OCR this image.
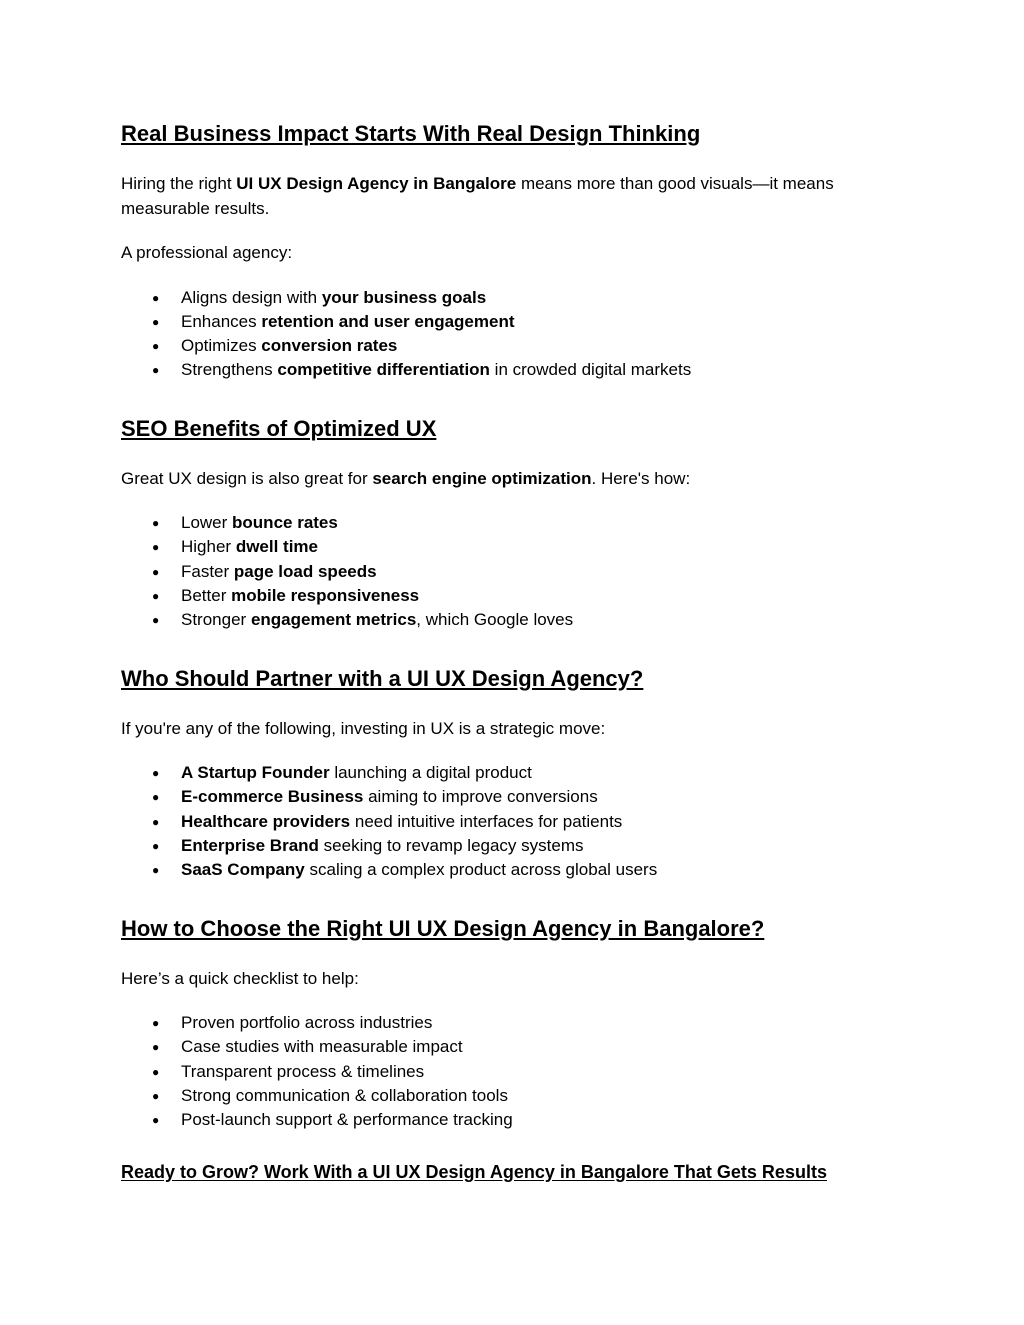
Real Business Impact Starts With Real Design Thinking

Hiring the right UI UX Design Agency in Bangalore means more than good visuals—it means measurable results.

A professional agency:

● Aligns design with your business goals
● Enhances retention and user engagement
● Optimizes conversion rates
● Strengthens competitive differentiation in crowded digital markets
SEO Benefits of Optimized UX

Great UX design is also great for search engine optimization. Here's how:

● Lower bounce rates
● Higher dwell time
● Faster page load speeds
● Better mobile responsiveness
● Stronger engagement metrics, which Google loves
Who Should Partner with a UI UX Design Agency?

If you're any of the following, investing in UX is a strategic move:

● A Startup Founder launching a digital product
● E-commerce Business aiming to improve conversions
● Healthcare providers need intuitive interfaces for patients
● Enterprise Brand seeking to revamp legacy systems
● SaaS Company scaling a complex product across global users
How to Choose the Right UI UX Design Agency in Bangalore?

Here’s a quick checklist to help:

● Proven portfolio across industries
● Case studies with measurable impact
● Transparent process & timelines
● Strong communication & collaboration tools
● Post-launch support & performance tracking
Ready to Grow? Work With a UI UX Design Agency in Bangalore That Gets Results
